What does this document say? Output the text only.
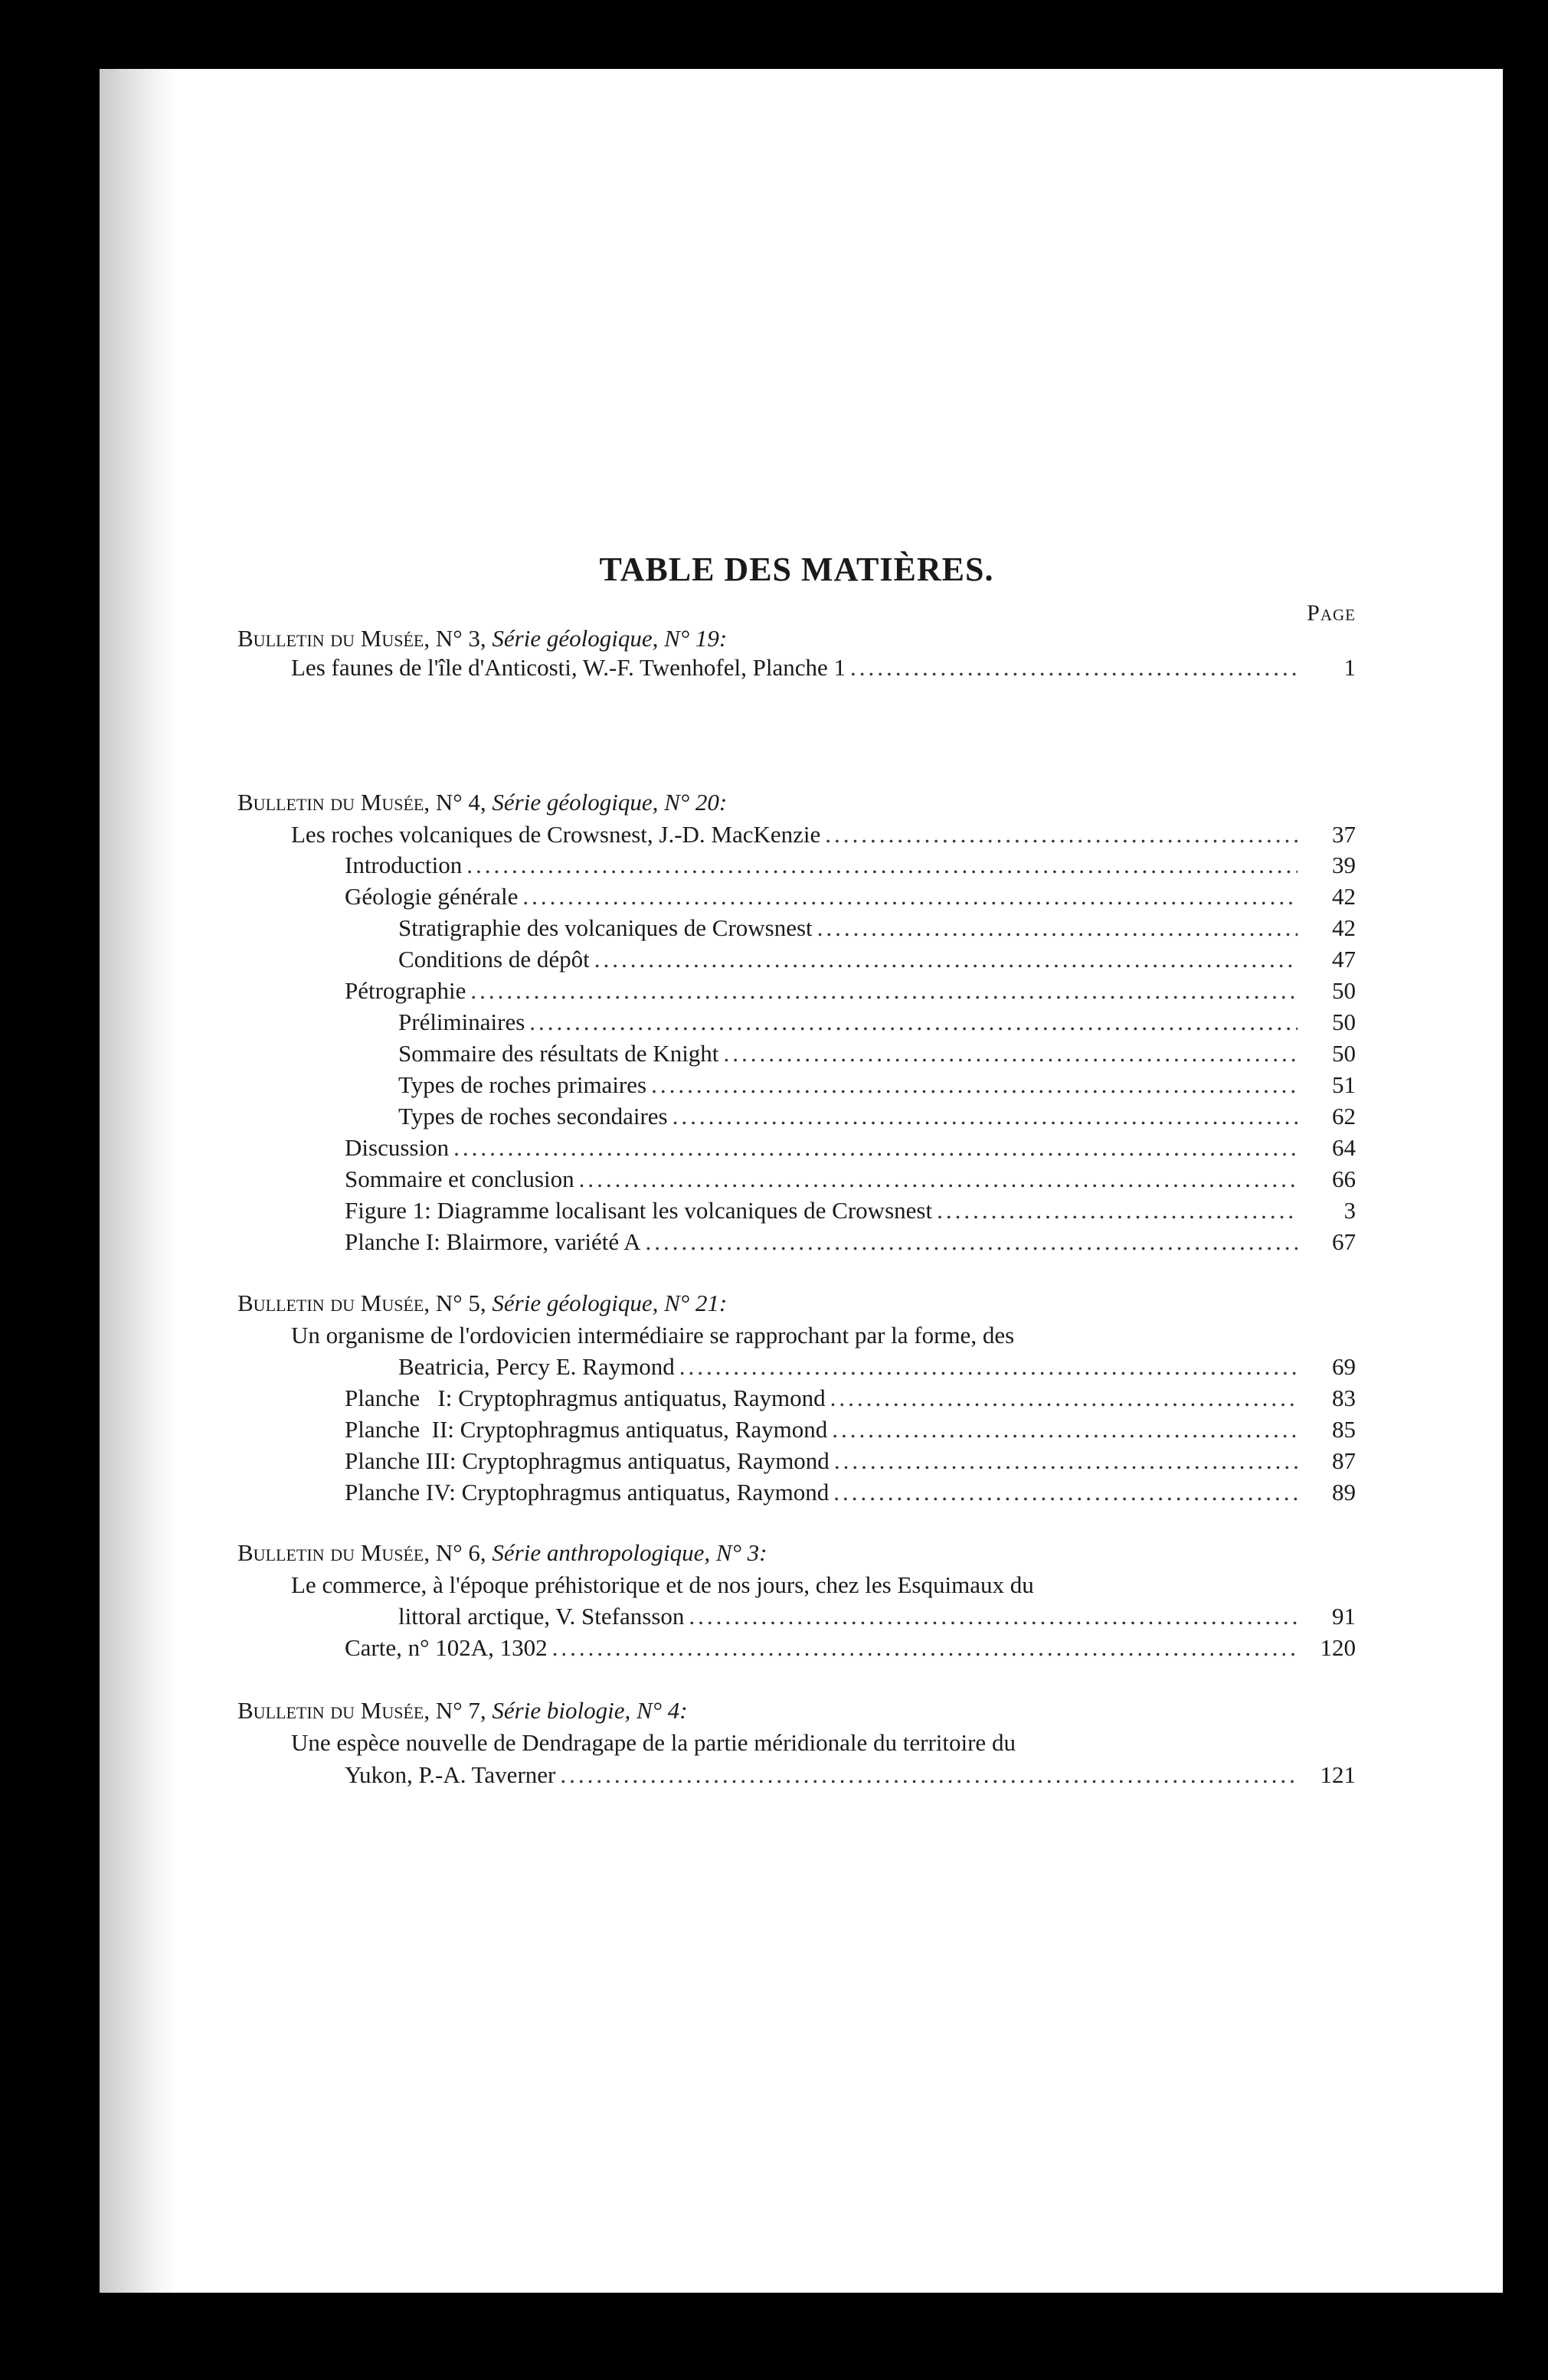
TABLE DES MATIÈRES.
Page
Bulletin du Musée, N° 3, Série géologique, N° 19:
Les faunes de l'île d'Anticosti, W.-F. Twenhofel, Planche 1 .....	1
Bulletin du Musée, N° 4, Série géologique, N° 20:
Les roches volcaniques de Crowsnest, J.-D. MacKenzie .....	37
Introduction .....	39
Géologie générale .....	42
Stratigraphie des volcaniques de Crowsnest .....	42
Conditions de dépôt .....	47
Pétrographie .....	50
Préliminaires .....	50
Sommaire des résultats de Knight .....	50
Types de roches primaires .....	51
Types de roches secondaires .....	62
Discussion .....	64
Sommaire et conclusion .....	66
Figure 1: Diagramme localisant les volcaniques de Crowsnest .....	3
Planche I: Blairmore, variété A .....	67
Bulletin du Musée, N° 5, Série géologique, N° 21:
Un organisme de l'ordovicien intermédiaire se rapprochant par la forme, des
Beatricia, Percy E. Raymond .....	69
Planche   I: Cryptophragmus antiquatus, Raymond .....	83
Planche  II: Cryptophragmus antiquatus, Raymond .....	85
Planche III: Cryptophragmus antiquatus, Raymond .....	87
Planche IV: Cryptophragmus antiquatus, Raymond .....	89
Bulletin du Musée, N° 6, Série anthropologique, N° 3:
Le commerce, à l'époque préhistorique et de nos jours, chez les Esquimaux du
littoral arctique, V. Stefansson .....	91
Carte, n° 102A, 1302 .....	120
Bulletin du Musée, N° 7, Série biologie, N° 4:
Une espèce nouvelle de Dendragape de la partie méridionale du territoire du
Yukon, P.-A. Taverner .....	121
